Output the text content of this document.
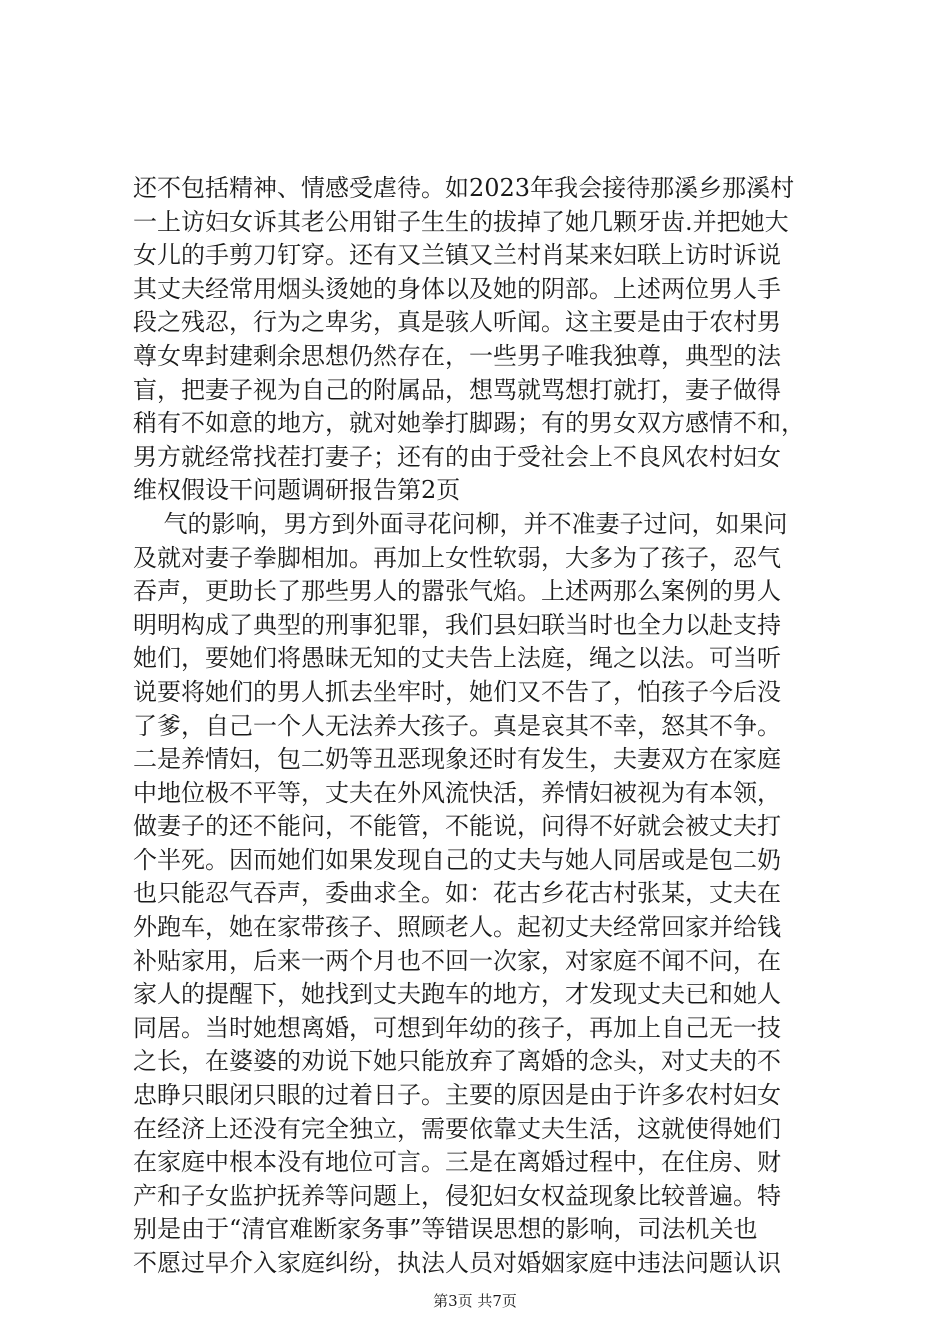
还不包括精神、情感受虐待。如2023年我会接待那溪乡那溪村
一上访妇女诉其老公用钳子生生的拔掉了她几颗牙齿.并把她大
女儿的手剪刀钉穿。还有又兰镇又兰村肖某来妇联上访时诉说
其丈夫经常用烟头烫她的身体以及她的阴部。上述两位男人手
段之残忍，行为之卑劣，真是骇人听闻。这主要是由于农村男
尊女卑封建剩余思想仍然存在，一些男子唯我独尊，典型的法
盲，把妻子视为自己的附属品，想骂就骂想打就打，妻子做得
稍有不如意的地方，就对她拳打脚踢；有的男女双方感情不和，
男方就经常找茬打妻子；还有的由于受社会上不良风农村妇女
维权假设干问题调研报告第2页
气的影响，男方到外面寻花问柳，并不准妻子过问，如果问
及就对妻子拳脚相加。再加上女性软弱，大多为了孩子，忍气
吞声，更助长了那些男人的嚣张气焰。上述两那么案例的男人
明明构成了典型的刑事犯罪，我们县妇联当时也全力以赴支持
她们，要她们将愚昧无知的丈夫告上法庭，绳之以法。可当听
说要将她们的男人抓去坐牢时，她们又不告了，怕孩子今后没
了爹，自己一个人无法养大孩子。真是哀其不幸，怒其不争。
二是养情妇，包二奶等丑恶现象还时有发生，夫妻双方在家庭
中地位极不平等，丈夫在外风流快活，养情妇被视为有本领，
做妻子的还不能问，不能管，不能说，问得不好就会被丈夫打
个半死。因而她们如果发现自己的丈夫与她人同居或是包二奶
也只能忍气吞声，委曲求全。如：花古乡花古村张某，丈夫在
外跑车，她在家带孩子、照顾老人。起初丈夫经常回家并给钱
补贴家用，后来一两个月也不回一次家，对家庭不闻不问，在
家人的提醒下，她找到丈夫跑车的地方，才发现丈夫已和她人
同居。当时她想离婚，可想到年幼的孩子，再加上自己无一技
之长，在婆婆的劝说下她只能放弃了离婚的念头，对丈夫的不
忠睁只眼闭只眼的过着日子。主要的原因是由于许多农村妇女
在经济上还没有完全独立，需要依靠丈夫生活，这就使得她们
在家庭中根本没有地位可言。三是在离婚过程中，在住房、财
产和子女监护抚养等问题上，侵犯妇女权益现象比较普遍。特
别是由于“清官难断家务事”等错误思想的影响，司法机关也
不愿过早介入家庭纠纷，执法人员对婚姻家庭中违法问题认识
第3页 共7页
